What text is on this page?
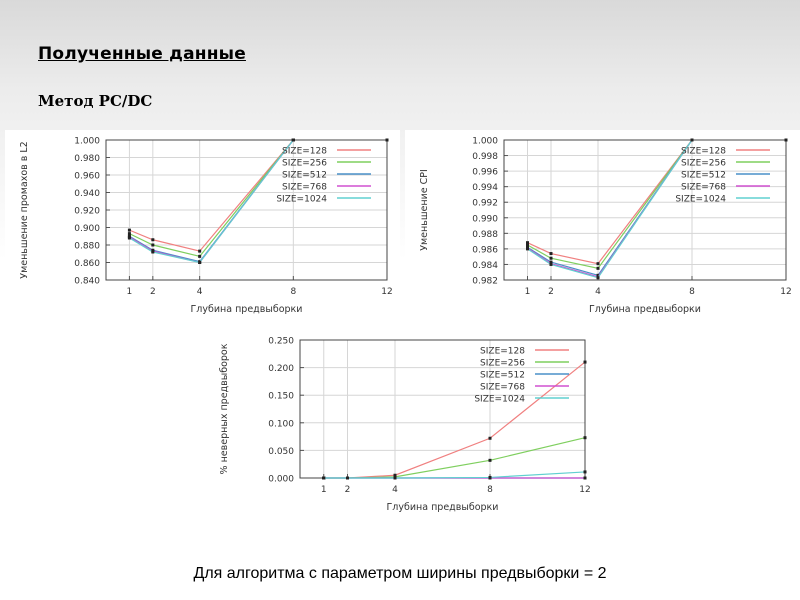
Полученные данные
Метод PC/DC
0.840
0.860
0.880
0.900
0.920
0.940
0.960
0.980
1.000
1 2	4	8	12
Глубина предвыборки
Уменьшение промахов в L2	SIZE=128
SIZE=256
SIZE=512
SIZE=768
SIZE=1024
0.982
0.984
0.986
0.988
0.990
0.992
0.994
0.996
0.998
1.000
1 2	4	8	12
Глубина предвыборки
Уменьшение CPI
SIZE=128
SIZE=256
SIZE=512
SIZE=768
SIZE=1024
0.000
0.050
0.100
0.150
0.200
0.250
1 2	4	8	12
Глубина предвыборки
% неверных предвыборок	SIZE=128
SIZE=256
SIZE=512
SIZE=768
SIZE=1024
Для алгоритма с параметром ширины предвыборки = 2
